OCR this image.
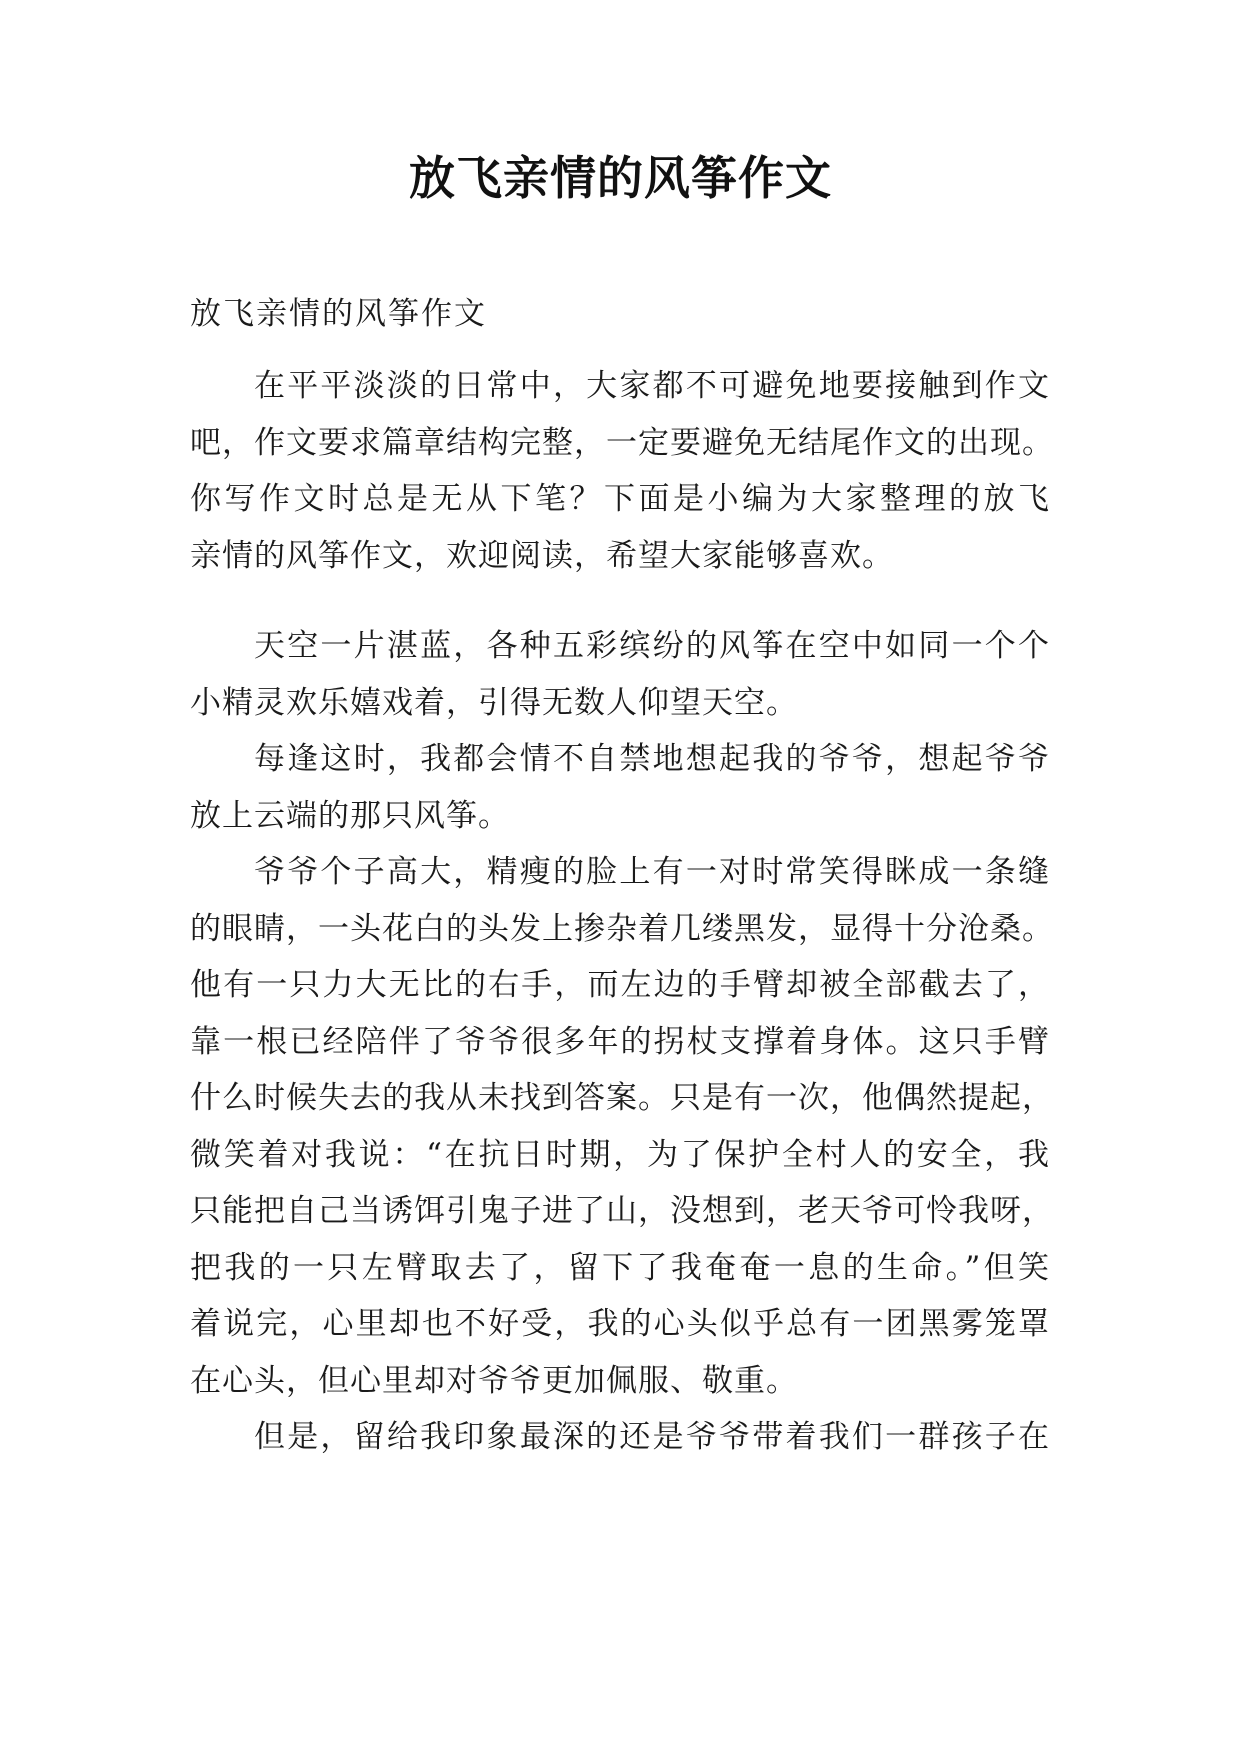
放飞亲情的风筝作文
放飞亲情的风筝作文
在平平淡淡的日常中，大家都不可避免地要接触到作文
吧，作文要求篇章结构完整，一定要避免无结尾作文的出现。
你写作文时总是无从下笔？下面是小编为大家整理的放飞
亲情的风筝作文，欢迎阅读，希望大家能够喜欢。
天空一片湛蓝，各种五彩缤纷的风筝在空中如同一个个
小精灵欢乐嬉戏着，引得无数人仰望天空。
每逢这时，我都会情不自禁地想起我的爷爷，想起爷爷
放上云端的那只风筝。
爷爷个子高大，精瘦的脸上有一对时常笑得眯成一条缝
的眼睛，一头花白的头发上掺杂着几缕黑发，显得十分沧桑。
他有一只力大无比的右手，而左边的手臂却被全部截去了，
靠一根已经陪伴了爷爷很多年的拐杖支撑着身体。这只手臂
什么时候失去的我从未找到答案。只是有一次，他偶然提起，
微笑着对我说：“在抗日时期，为了保护全村人的安全，我
只能把自己当诱饵引鬼子进了山，没想到，老天爷可怜我呀，
把我的一只左臂取去了，留下了我奄奄一息的生命。”但笑
着说完，心里却也不好受，我的心头似乎总有一团黑雾笼罩
在心头，但心里却对爷爷更加佩服、敬重。
但是，留给我印象最深的还是爷爷带着我们一群孩子在
